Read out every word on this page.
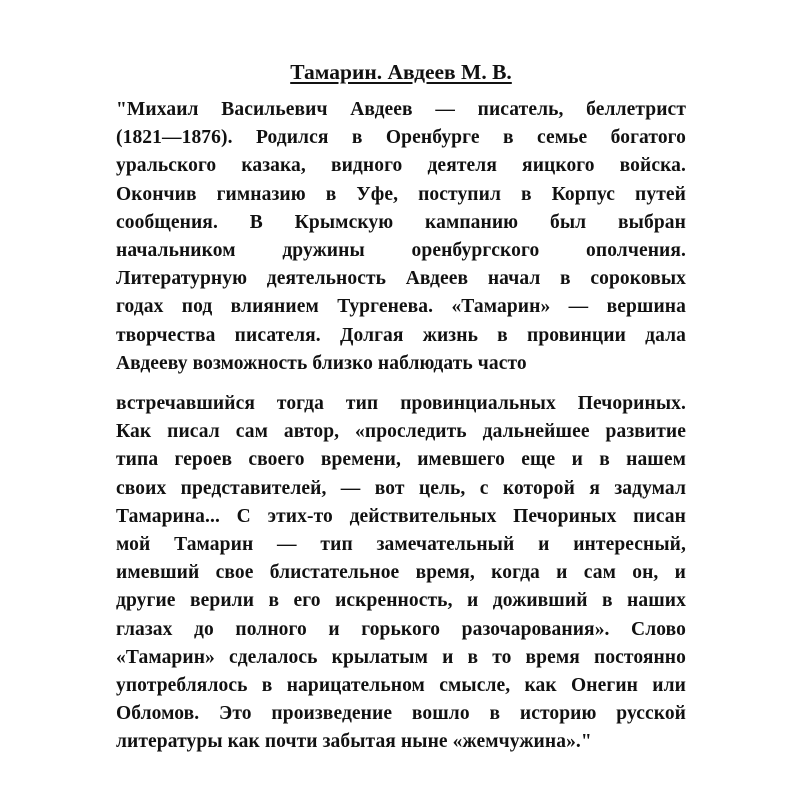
Тамарин. Авдеев М. В.

"Михаил Васильевич Авдеев — писатель, беллетрист
(1821—1876). Родился в Оренбурге в семье богатого
уральского казака, видного деятеля яицкого войска.
Окончив гимназию в Уфе, поступил в Корпус путей
сообщения. В Крымскую кампанию был выбран
начальником дружины оренбургского ополчения.
Литературную деятельность Авдеев начал в сороковых
годах под влиянием Тургенева. «Тамарин» — вершина
творчества писателя. Долгая жизнь в провинции дала
Авдееву возможность близко наблюдать часто

встречавшийся тогда тип провинциальных Печориных.
Как писал сам автор, «проследить дальнейшее развитие
типа героев своего времени, имевшего еще и в нашем
своих представителей, — вот цель, с которой я задумал
Тамарина... С этих-то действительных Печориных писан
мой Тамарин — тип замечательный и интересный,
имевший свое блистательное время, когда и сам он, и
другие верили в его искренность, и доживший в наших
глазах до полного и горького разочарования». Слово
«Тамарин» сделалось крылатым и в то время постоянно
употреблялось в нарицательном смысле, как Онегин или
Обломов. Это произведение вошло в историю русской
литературы как почти забытая ныне «жемчужина»."
